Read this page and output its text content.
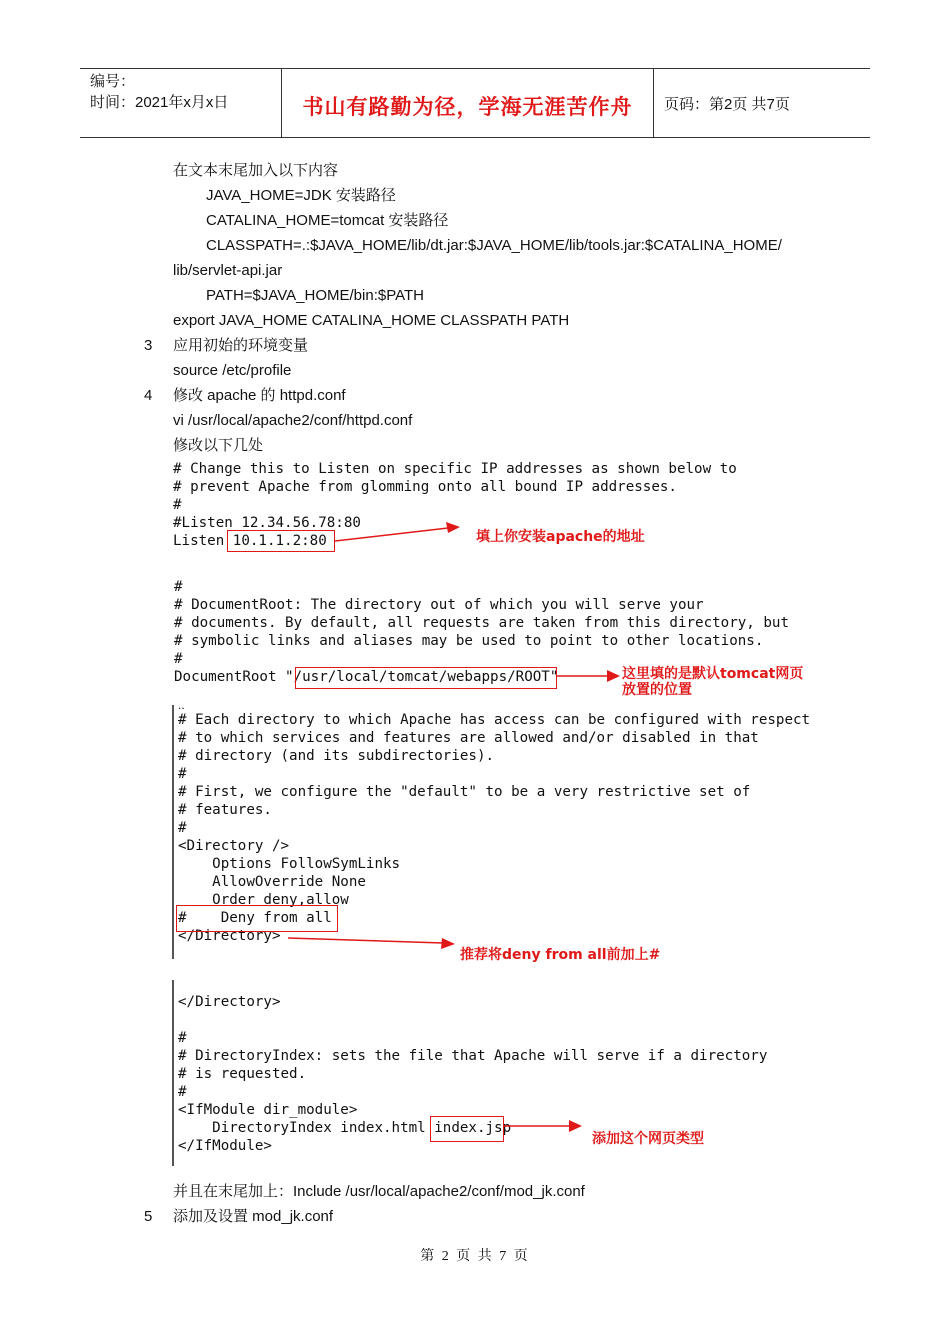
编号：
时间：2021年x月x日	书山有路勤为径，学海无涯苦作舟 页码：第2页 共7页
在文本末尾加入以下内容
JAVA_HOME=JDK 安装路径
CATALINA_HOME=tomcat 安装路径
CLASSPATH=.:$JAVA_HOME/lib/dt.jar:$JAVA_HOME/lib/tools.jar:$CATALINA_HOME/
lib/servlet-api.jar
PATH=$JAVA_HOME/bin:$PATH
export JAVA_HOME CATALINA_HOME CLASSPATH PATH
3 应用初始的环境变量
source /etc/profile
4 修改 apache 的 httpd.conf
vi /usr/local/apache2/conf/httpd.conf
修改以下几处
# Change this to Listen on specific IP addresses as shown below to
# prevent Apache from glomming onto all bound IP addresses.
#
#Listen 12.34.56.78:80
Listen 10.1.1.2:80	填上你安装apache的地址
#
# DocumentRoot: The directory out of which you will serve your
# documents. By default, all requests are taken from this directory, but
# symbolic links and aliases may be used to point to other locations.
#
DocumentRoot "/usr/local/tomcat/webapps/ROOT"	这里填的是默认tomcat网页
放置的位置
..
# Each directory to which Apache has access can be configured with respect
# to which services and features are allowed and/or disabled in that
# directory (and its subdirectories).
#
# First, we configure the "default" to be a very restrictive set of
# features.
#
<Directory />
Options FollowSymLinks
AllowOverride None
Order deny,allow
#    Deny from all
</Directory>
推荐将deny from all前加上#
</Directory>

#
# DirectoryIndex: sets the file that Apache will serve if a directory
# is requested.
#
<IfModule dir_module>
DirectoryIndex index.html index.jsp
</IfModule>	添加这个网页类型
并且在末尾加上：Include /usr/local/apache2/conf/mod_jk.conf
5 添加及设置 mod_jk.conf
第 2 页 共 7 页
